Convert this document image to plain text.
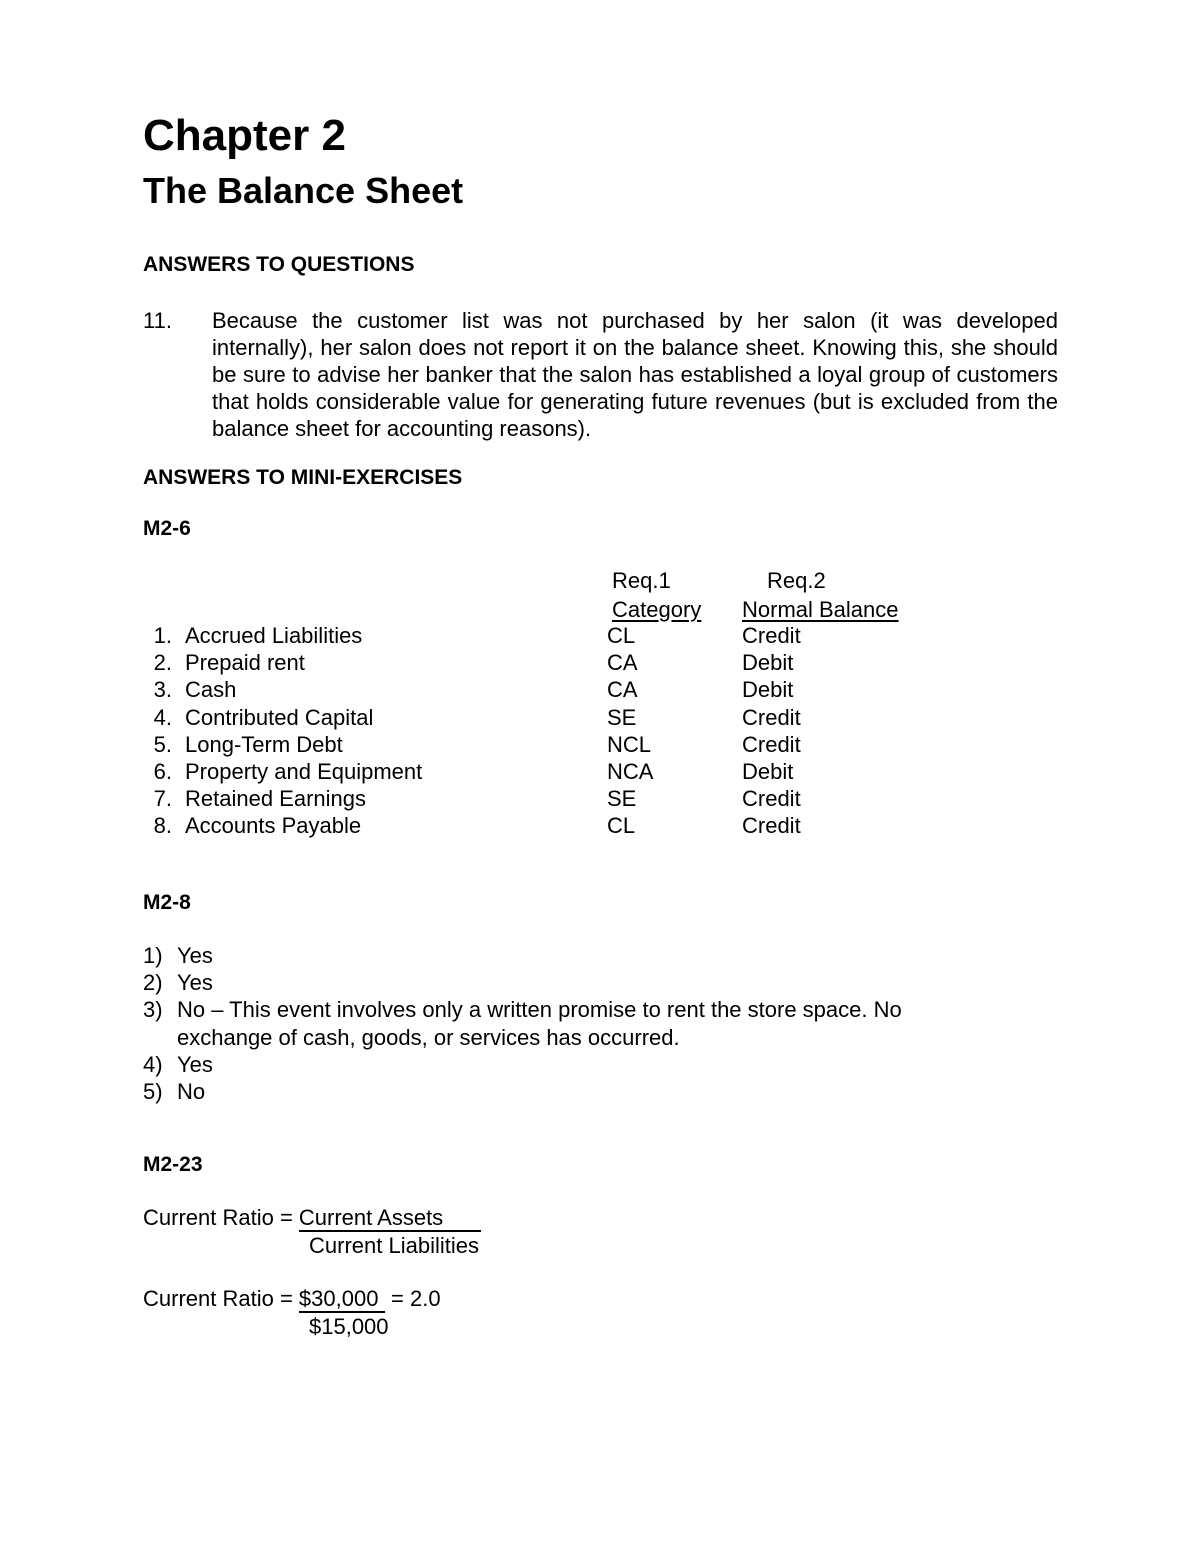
Chapter 2
The Balance Sheet
ANSWERS TO QUESTIONS
11. Because the customer list was not purchased by her salon (it was developed internally), her salon does not report it on the balance sheet. Knowing this, she should be sure to advise her banker that the salon has established a loyal group of customers that holds considerable value for generating future revenues (but is excluded from the balance sheet for accounting reasons).
ANSWERS TO MINI-EXERCISES
M2-6
Req.1	Req.2
Category Normal Balance
1. Accrued Liabilities	CL	Credit
2. Prepaid rent	CA	Debit
3. Cash	CA	Debit
4. Contributed Capital	SE	Credit
5. Long-Term Debt	NCL	Credit
6. Property and Equipment	NCA	Debit
7. Retained Earnings	SE	Credit
8. Accounts Payable	CL	Credit
M2-8
1) Yes
2) Yes
3) No – This event involves only a written promise to rent the store space. No
exchange of cash, goods, or services has occurred.
4) Yes
5) No
M2-23
Current Ratio = Current Assets
Current Liabilities
Current Ratio = $30,000 = 2.0
$15,000
